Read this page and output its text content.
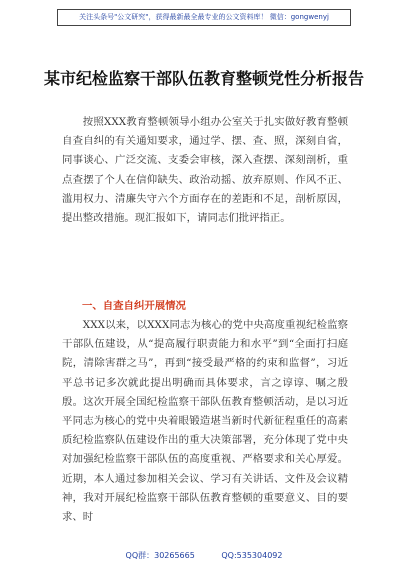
关注头条号"公文研究"，获得最新最全最专业的公文资料库！ 微信：gongwenyj
某市纪检监察干部队伍教育整顿党性分析报告

按照XXX教育整顿领导小组办公室关于扎实做好教育整顿自查自纠的有关通知要求，通过学、摆、查、照，深刻自省，同事谈心、广泛交流、支委会审核，深入查摆、深刻剖析，重点查摆了个人在信仰缺失、政治动摇、放弃原则、作风不正、滥用权力、清廉失守六个方面存在的差距和不足，剖析原因，提出整改措施。现汇报如下，请同志们批评指正。

一、自查自纠开展情况

XXX以来，以XXX同志为核心的党中央高度重视纪检监察干部队伍建设，从“提高履行职责能力和水平”到“全面打扫庭院，清除害群之马”，再到“接受最严格的约束和监督”，习近平总书记多次就此提出明确而具体要求，言之谆谆、嘱之殷殷。这次开展全国纪检监察干部队伍教育整顿活动，是以习近平同志为核心的党中央着眼锻造堪当新时代新征程重任的高素质纪检监察队伍建设作出的重大决策部署，充分体现了党中央对加强纪检监察干部队伍的高度重视、严格要求和关心厚爱。近期，本人通过参加相关会议、学习有关讲话、文件及会议精神，我对开展纪检监察干部队伍教育整顿的重要意义、目的要求、时

QQ群：30265665	QQ:535304092
